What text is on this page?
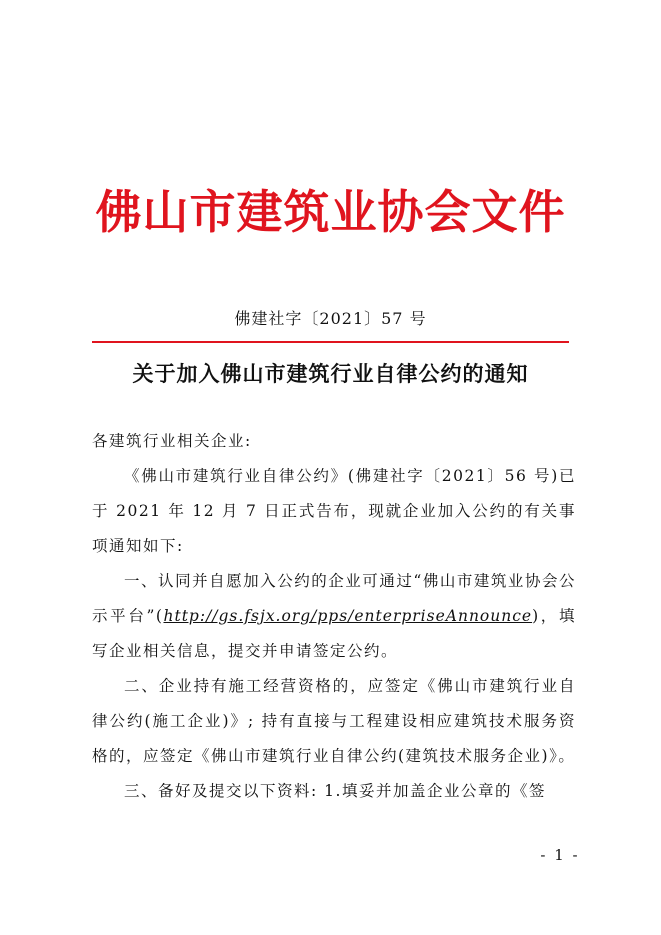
佛山市建筑业协会文件
佛建社字〔2021〕57 号
关于加入佛山市建筑行业自律公约的通知

各建筑行业相关企业:

《佛山市建筑行业自律公约》(佛建社字〔2021〕56 号)已于 2021 年 12 月 7 日正式告布，现就企业加入公约的有关事项通知如下:

一、认同并自愿加入公约的企业可通过“佛山市建筑业协会公示平台”(http://gs.fsjx.org/pps/enterpriseAnnounce)，填写企业相关信息，提交并申请签定公约。

二、企业持有施工经营资格的，应签定《佛山市建筑行业自律公约(施工企业)》; 持有直接与工程建设相应建筑技术服务资格的，应签定《佛山市建筑行业自律公约(建筑技术服务企业)》。

三、备好及提交以下资料: 1.填妥并加盖企业公章的《签

- 1 -
